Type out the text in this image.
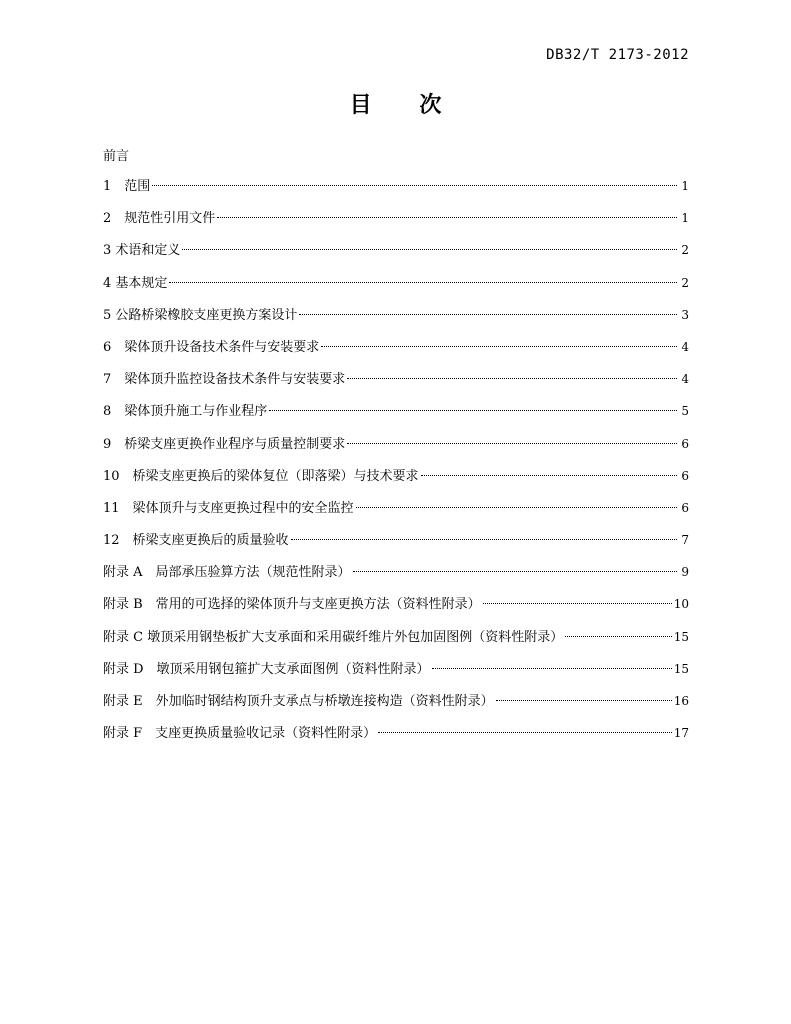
DB32/T 2173-2012
目 次
前言
1　范围	1
2　规范性引用文件	1
3 术语和定义	2
4 基本规定	2
5 公路桥梁橡胶支座更换方案设计	3
6　梁体顶升设备技术条件与安装要求	4
7　梁体顶升监控设备技术条件与安装要求	4
8　梁体顶升施工与作业程序	5
9　桥梁支座更换作业程序与质量控制要求	6
10　桥梁支座更换后的梁体复位（即落梁）与技术要求	6
11　梁体顶升与支座更换过程中的安全监控	6
12　桥梁支座更换后的质量验收	7
附录 A　局部承压验算方法（规范性附录）	9
附录 B　常用的可选择的梁体顶升与支座更换方法（资料性附录）	10
附录 C 墩顶采用钢垫板扩大支承面和采用碳纤维片外包加固图例（资料性附录）	15
附录 D　墩顶采用钢包箍扩大支承面图例（资料性附录）	15
附录 E　外加临时钢结构顶升支承点与桥墩连接构造（资料性附录）	16
附录 F　支座更换质量验收记录（资料性附录）	17
